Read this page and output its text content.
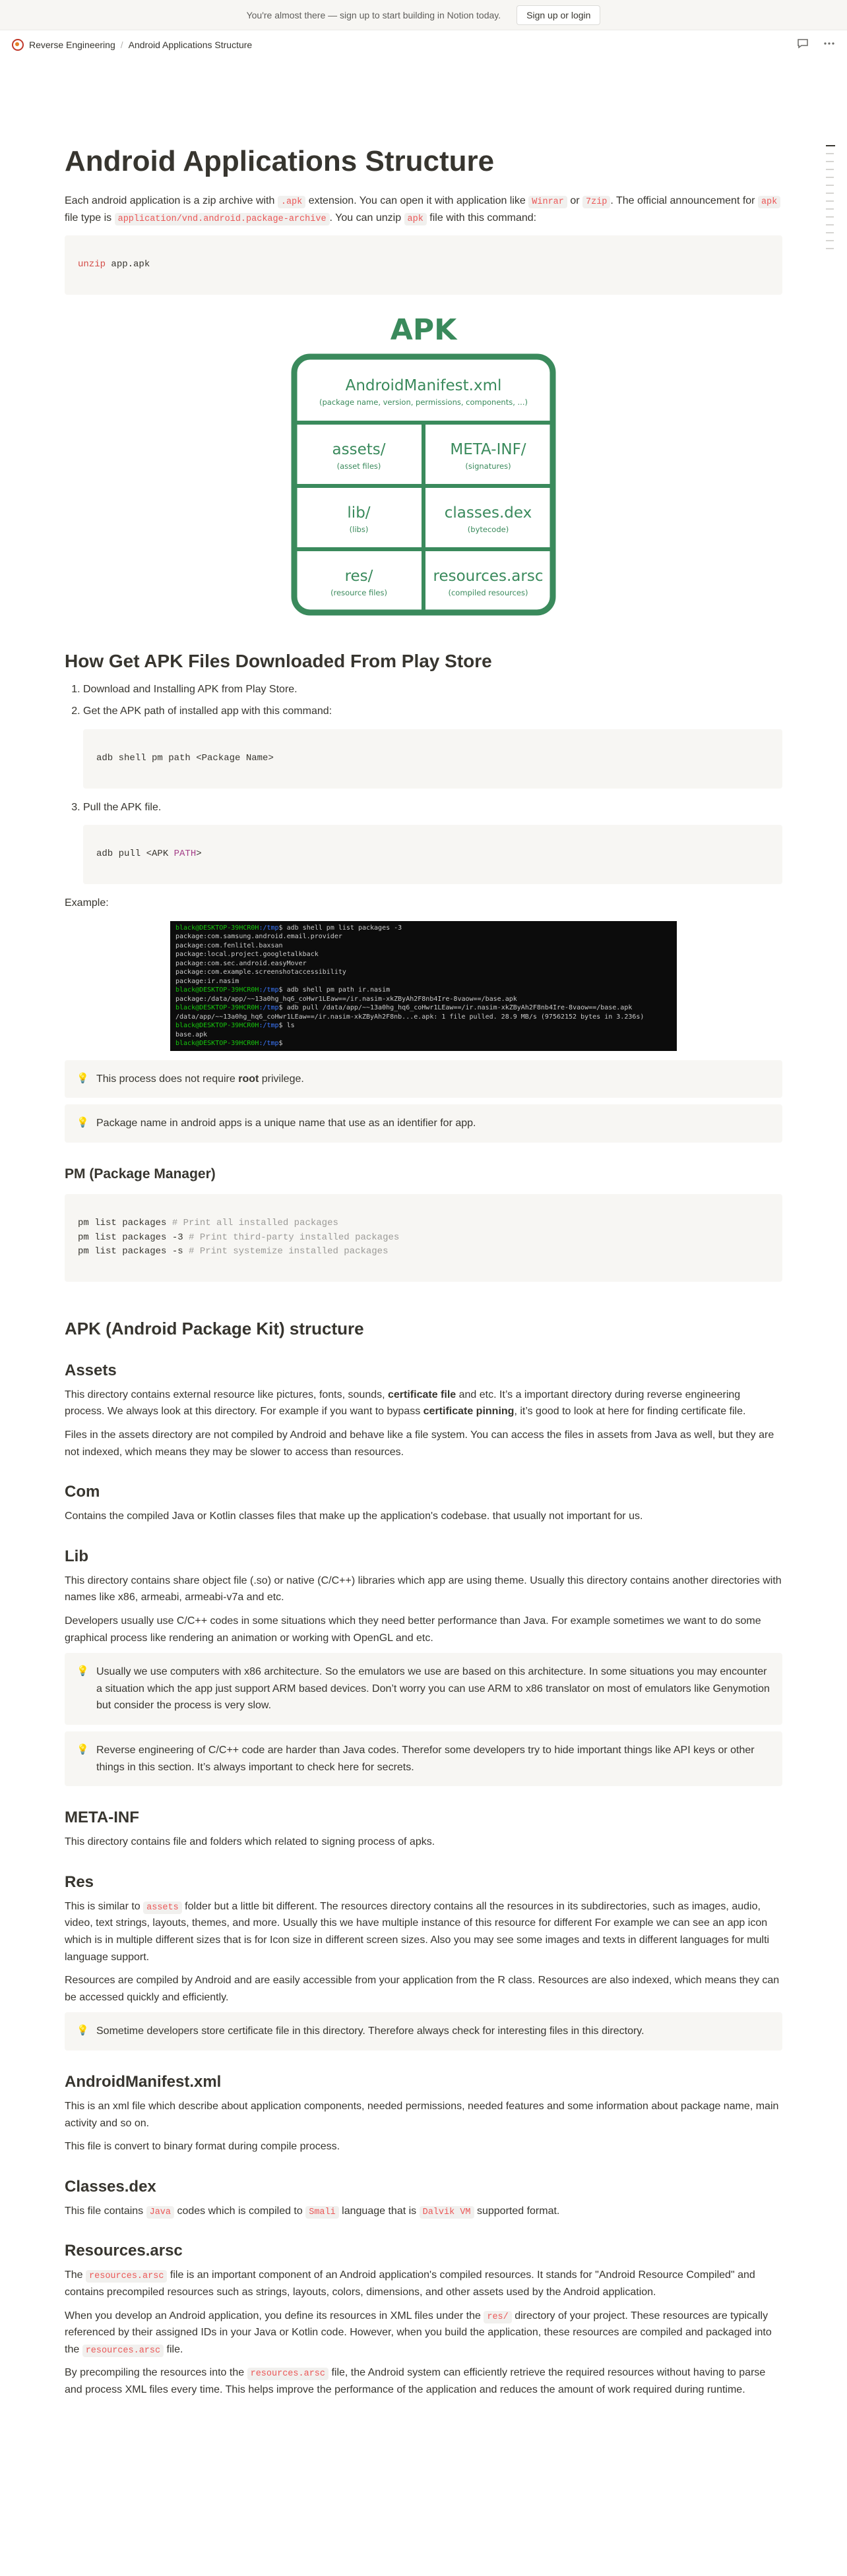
You're almost there — sign up to start building in Notion today.	Sign up or login
Reverse Engineering / Android Applications Structure
Android Applications Structure

Each android application is a zip archive with .apk extension. You can open it with application like Winrar or 7zip . The official announcement for apk file type is application/vnd.android.package-archive . You can unzip apk file with this command:

unzip app.apk
APK
AndroidManifest.xml
(package name, version, permissions, components, ...)
assets/
(asset files)
META-INF/
(signatures)
lib/
(libs)
classes.dex
(bytecode)
res/
(resource files)
resources.arsc
(compiled resources)
How Get APK Files Downloaded From Play Store
1. Download and Installing APK from Play Store.
2. Get the APK path of installed app with this command:
adb shell pm path <Package Name>
3. Pull the APK file.
adb pull <APK PATH>

Example:

black@DESKTOP-39HCR0H:/tmp$ adb shell pm list packages -3
package:com.samsung.android.email.provider
package:com.fenlitel.baxsan
package:local.project.googletalkback
package:com.sec.android.easyMover
package:com.example.screenshotaccessibility
package:ir.nasim
black@DESKTOP-39HCR0H:/tmp$ adb shell pm path ir.nasim
package:/data/app/~~13a0hg_hq6_coHwr1LEaw==/ir.nasim-xkZByAh2F8nb4Ire-8vaow==/base.apk
black@DESKTOP-39HCR0H:/tmp$ adb pull /data/app/~~13a0hg_hq6_coHwr1LEaw==/ir.nasim-xkZByAh2F8nb4Ire-8vaow==/base.apk
/data/app/~~13a0hg_hq6_coHwr1LEaw==/ir.nasim-xkZByAh2F8nb...e.apk: 1 file pulled. 28.9 MB/s (97562152 bytes in 3.236s)
black@DESKTOP-39HCR0H:/tmp$ ls
base.apk
black@DESKTOP-39HCR0H:/tmp$
💡 This process does not require root privilege.
💡 Package name in android apps is a unique name that use as an identifier for app.
PM (Package Manager)
pm list packages # Print all installed packages
pm list packages -3 # Print third-party installed packages
pm list packages -s # Print systemize installed packages
APK (Android Package Kit) structure
Assets

This directory contains external resource like pictures, fonts, sounds, certificate file and etc. It’s a important directory during reverse engineering process. We always look at this directory. For example if you want to bypass certificate pinning, it’s good to look at here for finding certificate file.

Files in the assets directory are not compiled by Android and behave like a file system. You can access the files in assets from Java as well, but they are not indexed, which means they may be slower to access than resources.

Com

Contains the compiled Java or Kotlin classes files that make up the application's codebase. that usually not important for us.

Lib

This directory contains share object file (.so) or native (C/C++) libraries which app are using theme. Usually this directory contains another directories with names like x86, armeabi, armeabi-v7a and etc.

Developers usually use C/C++ codes in some situations which they need better performance than Java. For example sometimes we want to do some graphical process like rendering an animation or working with OpenGL and etc.

💡 Usually we use computers with x86 architecture. So the emulators we use are based on this architecture. In some situations you may encounter a situation which the app just support ARM based devices. Don’t worry you can use ARM to x86 translator on most of emulators like Genymotion but consider the process is very slow.
💡 Reverse engineering of C/C++ code are harder than Java codes. Therefor some developers try to hide important things like API keys or other things in this section. It’s always important to check here for secrets.
META-INF

This directory contains file and folders which related to signing process of apks.

Res

This is similar to assets folder but a little bit different. The resources directory contains all the resources in its subdirectories, such as images, audio, video, text strings, layouts, themes, and more. Usually this we have multiple instance of this resource for different For example we can see an app icon which is in multiple different sizes that is for Icon size in different screen sizes. Also you may see some images and texts in different languages for multi language support.

Resources are compiled by Android and are easily accessible from your application from the R class. Resources are also indexed, which means they can be accessed quickly and efficiently.

💡 Sometime developers store certificate file in this directory. Therefore always check for interesting files in this directory.
AndroidManifest.xml

This is an xml file which describe about application components, needed permissions, needed features and some information about package name, main activity and so on.

This file is convert to binary format during compile process.

Classes.dex

This file contains Java codes which is compiled to Smali language that is Dalvik VM supported format.

Resources.arsc

The resources.arsc file is an important component of an Android application's compiled resources. It stands for "Android Resource Compiled" and contains precompiled resources such as strings, layouts, colors, dimensions, and other assets used by the Android application.

When you develop an Android application, you define its resources in XML files under the res/ directory of your project. These resources are typically referenced by their assigned IDs in your Java or Kotlin code. However, when you build the application, these resources are compiled and packaged into the resources.arsc file.

By precompiling the resources into the resources.arsc file, the Android system can efficiently retrieve the required resources without having to parse and process XML files every time. This helps improve the performance of the application and reduces the amount of work required during runtime.
